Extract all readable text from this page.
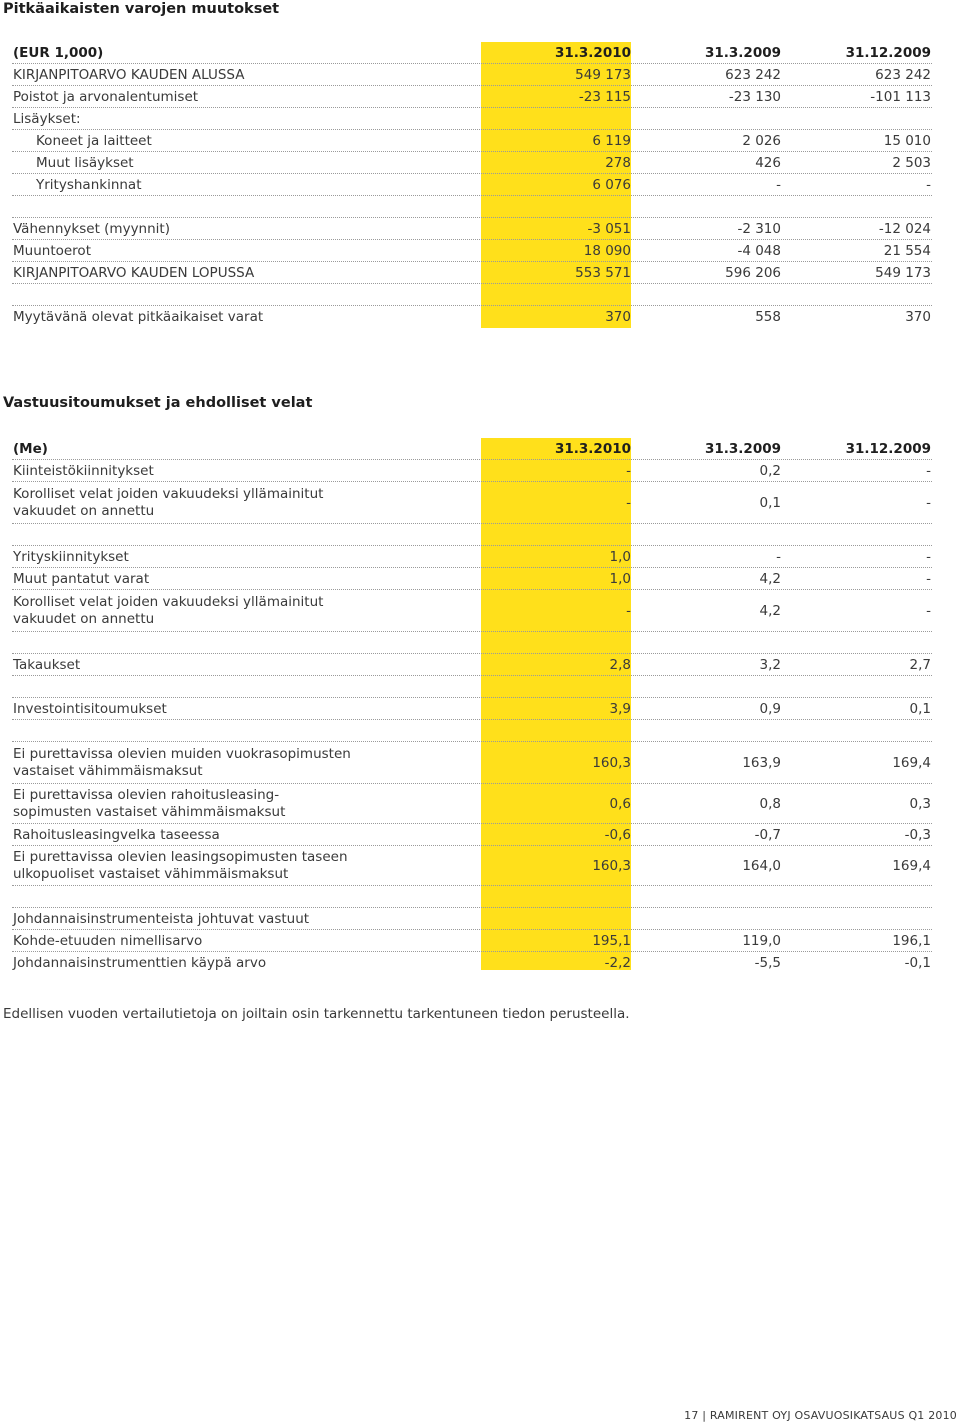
Pitkäaikaisten varojen muutokset
(EUR 1,000)	31.3.2010	31.3.2009	31.12.2009
KIRJANPITOARVO KAUDEN ALUSSA	549 173	623 242	623 242
Poistot ja arvonalentumiset	-23 115	-23 130	-101 113
Lisäykset:
Koneet ja laitteet	6 119	2 026	15 010
Muut lisäykset	278	426	2 503
Yrityshankinnat	6 076	-	-
Vähennykset (myynnit)	-3 051	-2 310	-12 024
Muuntoerot	18 090	-4 048	21 554
KIRJANPITOARVO KAUDEN LOPUSSA	553 571	596 206	549 173
Myytävänä olevat pitkäaikaiset varat	370	558	370
Vastuusitoumukset ja ehdolliset velat
(Me)	31.3.2010	31.3.2009	31.12.2009
Kiinteistökiinnitykset	-	0,2	-
Korolliset velat joiden vakuudeksi yllämainitut vakuudet on annettu	-	0,1	-
Yrityskiinnitykset	1,0	-	-
Muut pantatut varat	1,0	4,2	-
Korolliset velat joiden vakuudeksi yllämainitut vakuudet on annettu	-	4,2	-
Takaukset	2,8	3,2	2,7
Investointisitoumukset	3,9	0,9	0,1
Ei purettavissa olevien muiden vuokrasopimusten vastaiset vähimmäismaksut	160,3	163,9	169,4
Ei purettavissa olevien rahoitusleasing-sopimusten vastaiset vähimmäismaksut	0,6	0,8	0,3
Rahoitusleasingvelka taseessa	-0,6	-0,7	-0,3
Ei purettavissa olevien leasingsopimusten taseen ulkopuoliset vastaiset vähimmäismaksut	160,3	164,0	169,4
Johdannaisinstrumenteista johtuvat vastuut
Kohde-etuuden nimellisarvo	195,1	119,0	196,1
Johdannaisinstrumenttien käypä arvo	-2,2	-5,5	-0,1

Edellisen vuoden vertailutietoja on joiltain osin tarkennettu tarkentuneen tiedon perusteella.

17 | RAMIRENT OYJ OSAVUOSIKATSAUS Q1 2010
